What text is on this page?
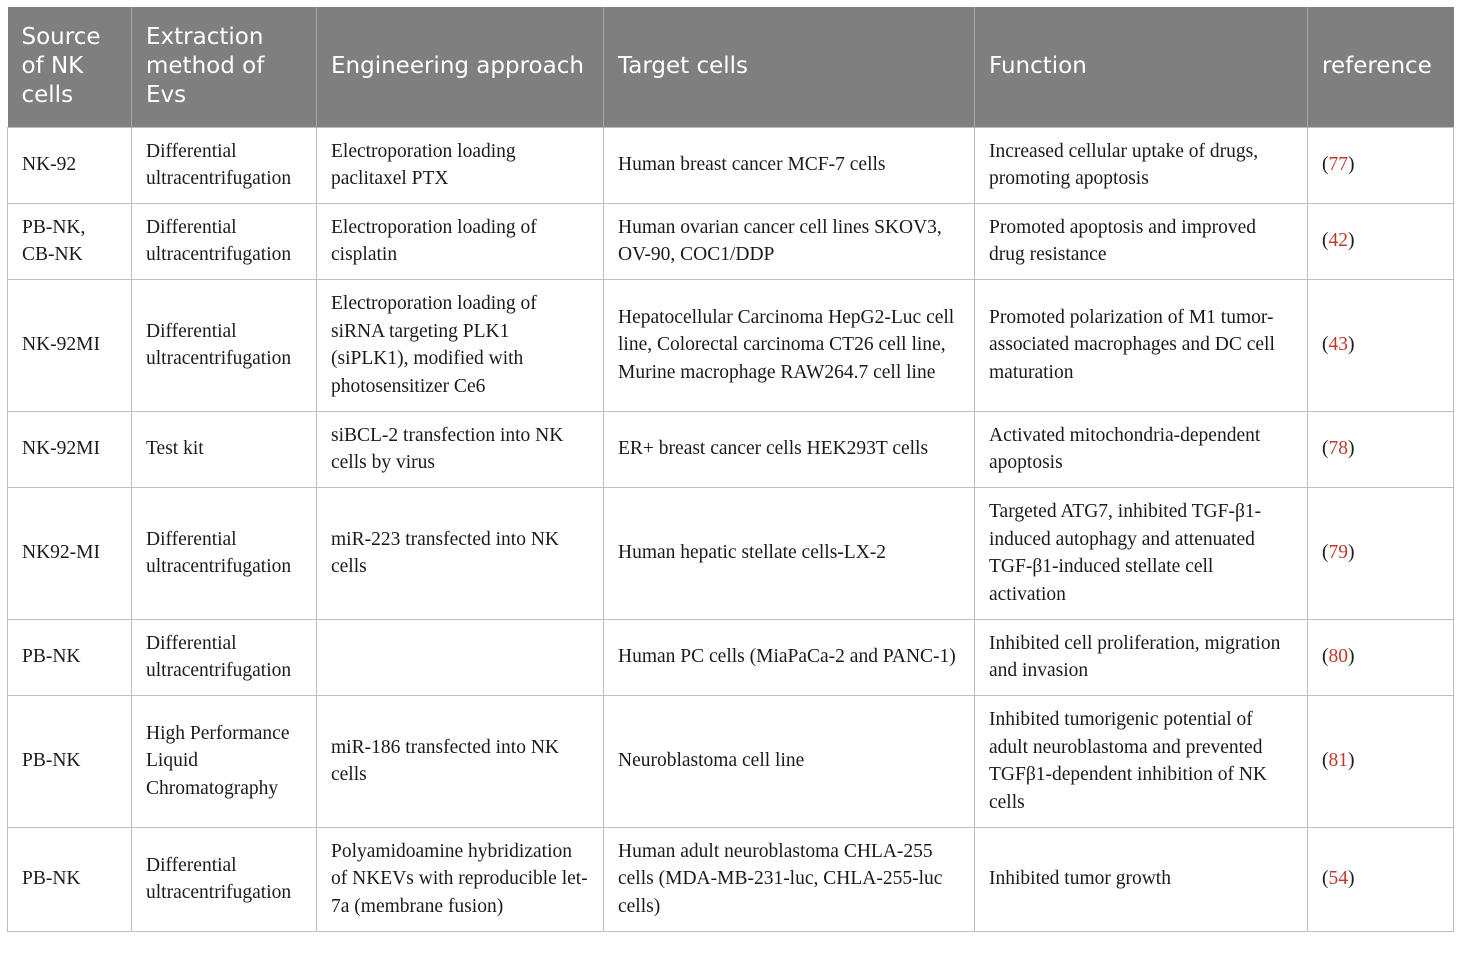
Source of NK cells	Extraction method of Evs	Engineering approach	Target cells	Function	reference
NK-92	Differential ultracentrifugation	Electroporation loading paclitaxel PTX	Human breast cancer MCF-7 cells	Increased cellular uptake of drugs, promoting apoptosis	(77)
PB-NK, CB-NK	Differential ultracentrifugation	Electroporation loading of cisplatin	Human ovarian cancer cell lines SKOV3, OV-90, COC1/DDP	Promoted apoptosis and improved drug resistance	(42)
NK-92MI	Differential ultracentrifugation	Electroporation loading of siRNA targeting PLK1 (siPLK1), modified with photosensitizer Ce6	Hepatocellular Carcinoma HepG2-Luc cell line, Colorectal carcinoma CT26 cell line, Murine macrophage RAW264.7 cell line	Promoted polarization of M1 tumor-associated macrophages and DC cell maturation	(43)
NK-92MI	Test kit	siBCL-2 transfection into NK cells by virus	ER+ breast cancer cells HEK293T cells	Activated mitochondria-dependent apoptosis	(78)
NK92-MI	Differential ultracentrifugation	miR-223 transfected into NK cells	Human hepatic stellate cells-LX-2	Targeted ATG7, inhibited TGF-β1-induced autophagy and attenuated TGF-β1-induced stellate cell activation	(79)
PB-NK	Differential ultracentrifugation		Human PC cells (MiaPaCa-2 and PANC-1)	Inhibited cell proliferation, migration and invasion	(80)
PB-NK	High Performance Liquid Chromatography	miR-186 transfected into NK cells	Neuroblastoma cell line	Inhibited tumorigenic potential of adult neuroblastoma and prevented TGFβ1-dependent inhibition of NK cells	(81)
PB-NK	Differential ultracentrifugation	Polyamidoamine hybridization of NKEVs with reproducible let-7a (membrane fusion)	Human adult neuroblastoma CHLA-255 cells (MDA-MB-231-luc, CHLA-255-luc cells)	Inhibited tumor growth	(54)
